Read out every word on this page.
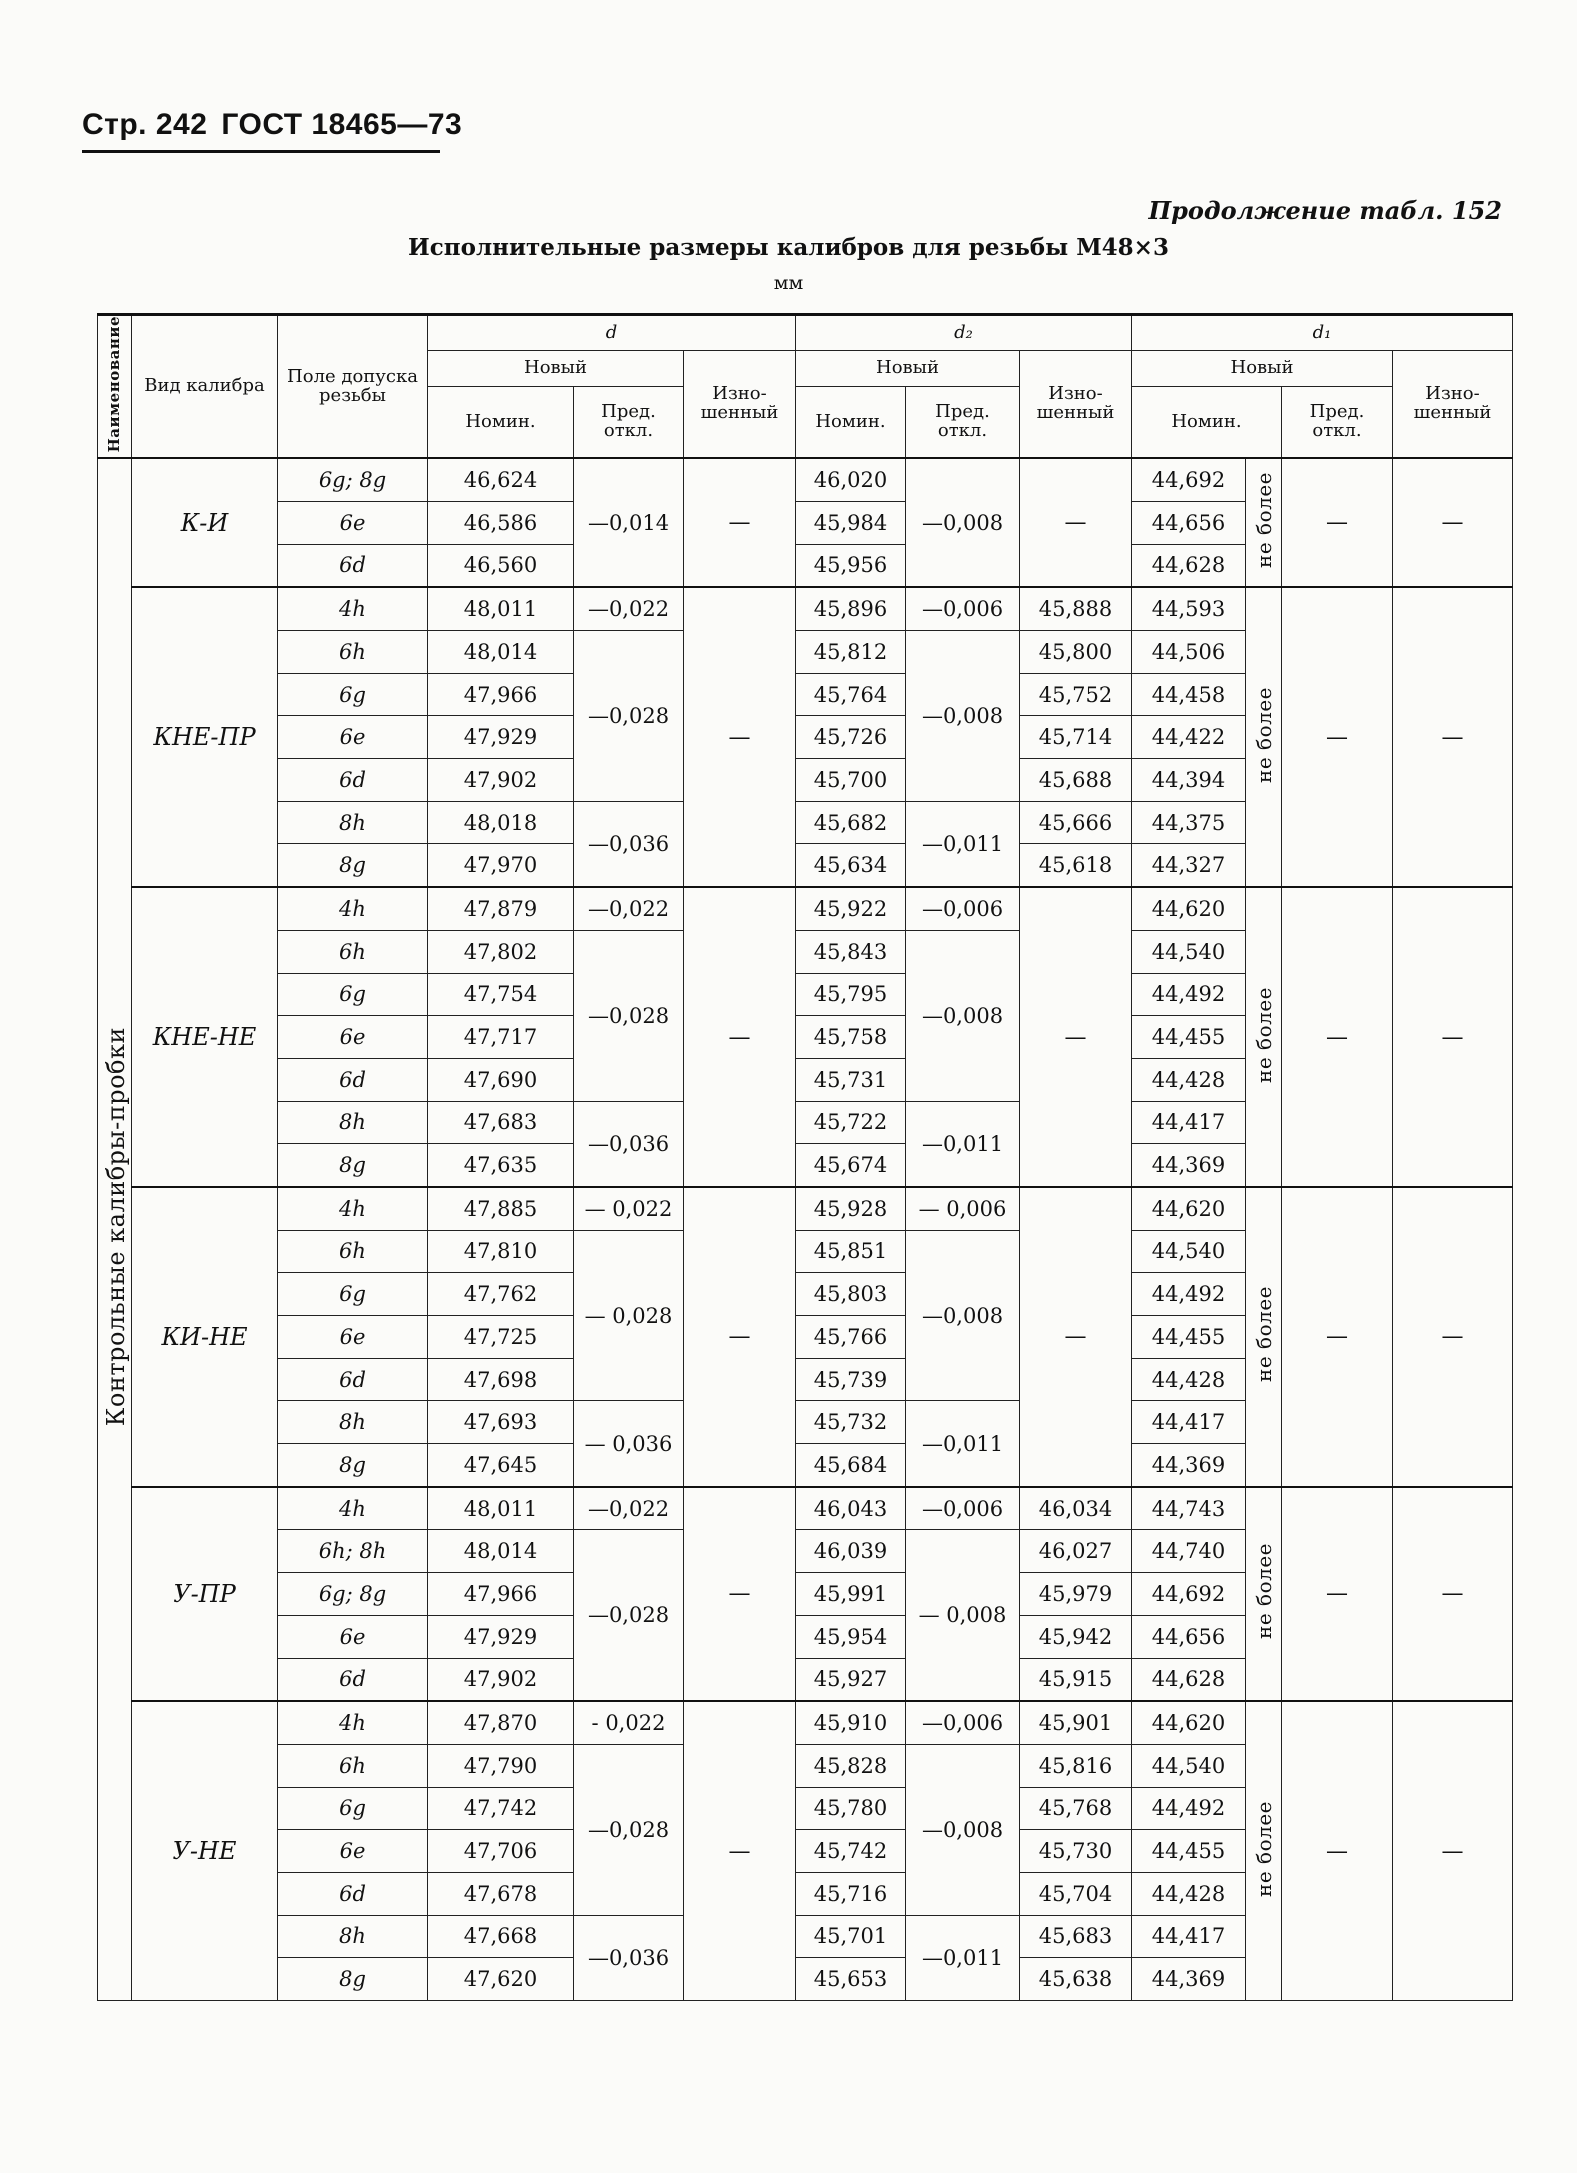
Стр. 242 ГОСТ 18465—73
Продолжение табл. 152
Исполнительные размеры калибров для резьбы М48×3
мм
Наименование	Вид калибра	Поле допуска резьбы	d			d₂			d₁			
			Новый		Изношенный	Новый		Изношенный	Новый			Изношенный
			Номин.	Пред. откл.		Номин.	Пред. откл.		Номин.		Пред. откл.	
Контрольные калибры-пробки	К-И	6g; 8g	46,624	—0,014	—	46,020	—0,008	—	44,692	не более	—	—
		6e	46,586			45,984			44,656			
		6d	46,560			45,956			44,628			
	КНЕ-ПР	4h	48,011	—0,022	—	45,896	—0,006	45,888	44,593	не более	—	—
		6h	48,014	—0,028		45,812	—0,008	45,800	44,506			
		6g	47,966			45,764		45,752	44,458			
		6e	47,929			45,726		45,714	44,422			
		6d	47,902			45,700		45,688	44,394			
		8h	48,018	—0,036		45,682	—0,011	45,666	44,375			
		8g	47,970			45,634		45,618	44,327			
	КНЕ-НЕ	4h	47,879	—0,022	—	45,922	—0,006	—	44,620	не более	—	—
		6h	47,802	—0,028		45,843	—0,008		44,540			
		6g	47,754			45,795			44,492			
		6e	47,717			45,758			44,455			
		6d	47,690			45,731			44,428			
		8h	47,683	—0,036		45,722	—0,011		44,417			
		8g	47,635			45,674			44,369			
	КИ-НЕ	4h	47,885	— 0,022	—	45,928	— 0,006	—	44,620	не более	—	—
		6h	47,810	— 0,028		45,851	—0,008		44,540			
		6g	47,762			45,803			44,492			
		6e	47,725			45,766			44,455			
		6d	47,698			45,739			44,428			
		8h	47,693	— 0,036		45,732	—0,011		44,417			
		8g	47,645			45,684			44,369			
	У-ПР	4h	48,011	—0,022	—	46,043	—0,006	46,034	44,743	не более	—	—
		6h; 8h	48,014	—0,028		46,039	— 0,008	46,027	44,740			
		6g; 8g	47,966			45,991		45,979	44,692			
		6e	47,929			45,954		45,942	44,656			
		6d	47,902			45,927		45,915	44,628			
	У-НЕ	4h	47,870	- 0,022	—	45,910	—0,006	45,901	44,620	не более	—	—
		6h	47,790	—0,028		45,828	—0,008	45,816	44,540			
		6g	47,742			45,780		45,768	44,492			
		6e	47,706			45,742		45,730	44,455			
		6d	47,678			45,716		45,704	44,428			
		8h	47,668	—0,036		45,701	—0,011	45,683	44,417			
		8g	47,620			45,653		45,638	44,369			
